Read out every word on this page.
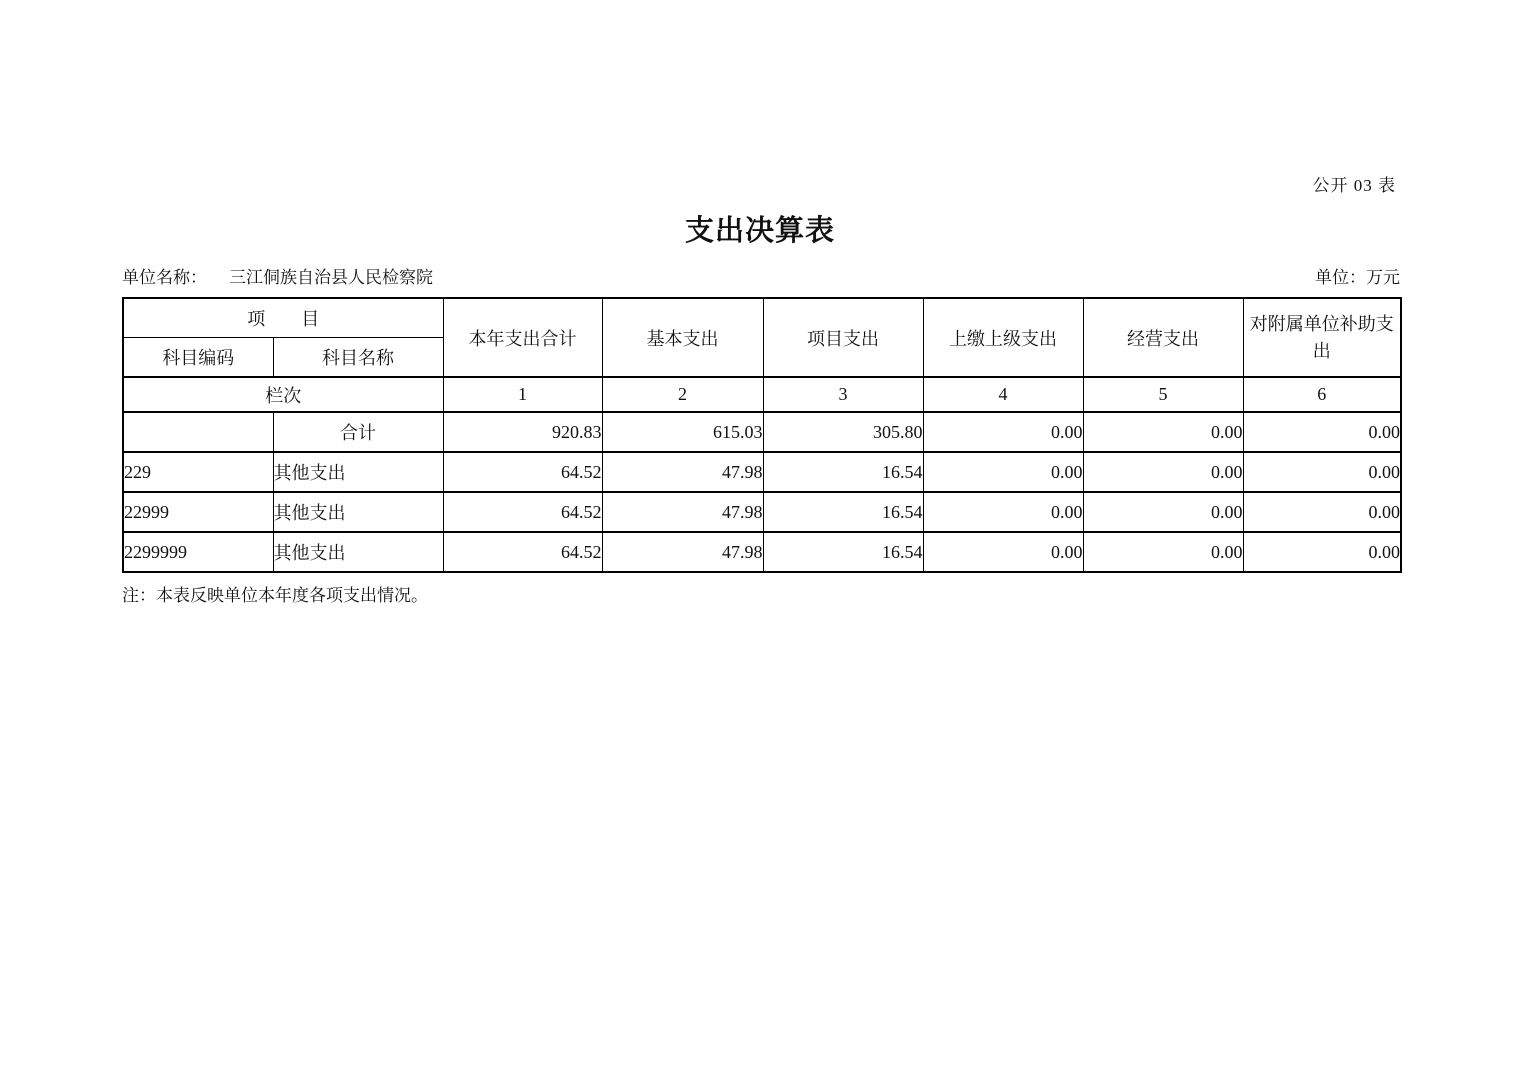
公开 03 表
支出决算表
单位名称： 三江侗族自治县人民检察院	单位：万元
项　　目		本年支出合计	基本支出	项目支出	上缴上级支出	经营支出	对附属单位补助支出
科目编码	科目名称						
栏次		1	2	3	4	5	6
	合计	920.83	615.03	305.80	0.00	0.00	0.00
229	其他支出	64.52	47.98	16.54	0.00	0.00	0.00
22999	其他支出	64.52	47.98	16.54	0.00	0.00	0.00
2299999	其他支出	64.52	47.98	16.54	0.00	0.00	0.00
注：本表反映单位本年度各项支出情况。
